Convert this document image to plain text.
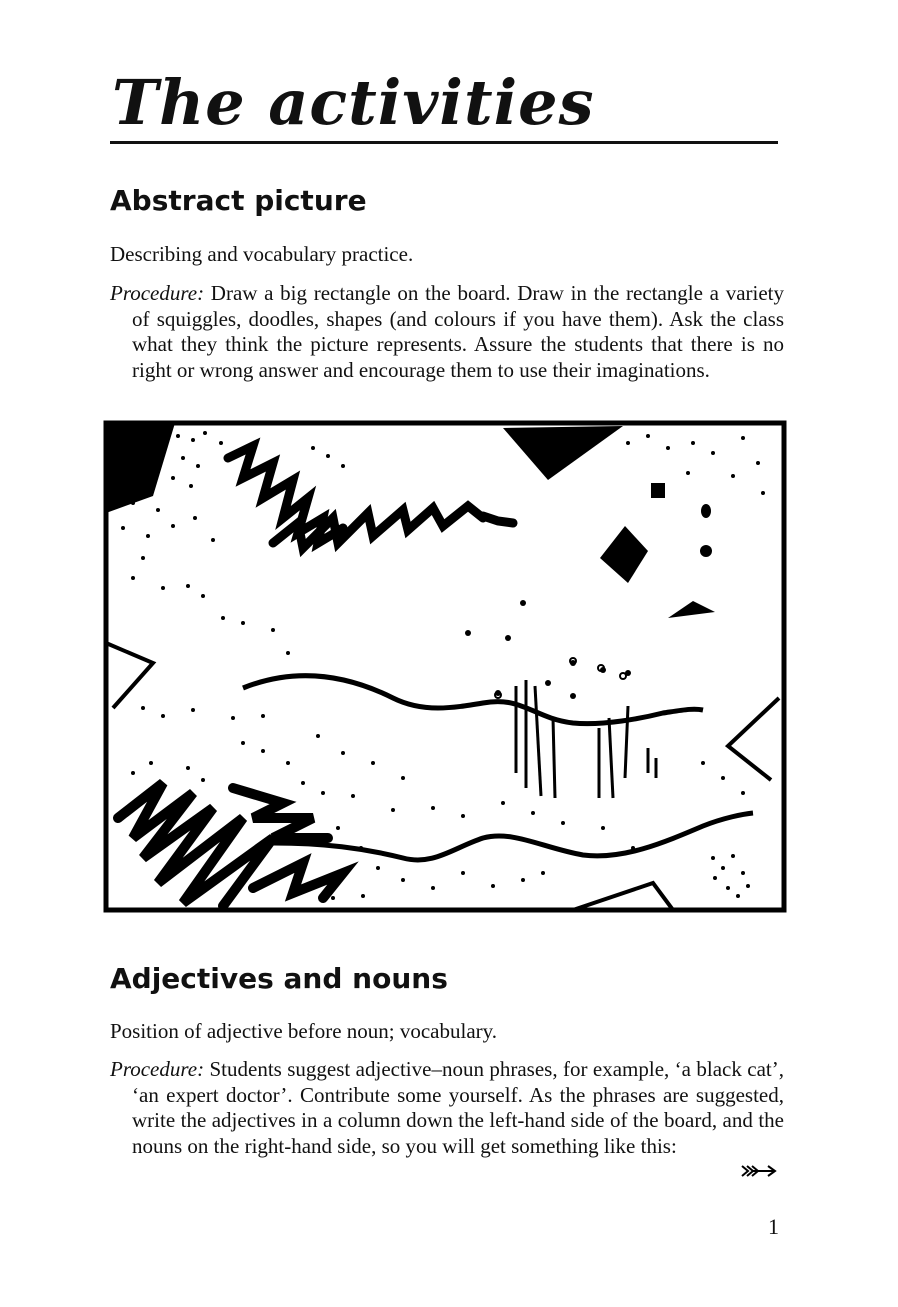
The activities
Abstract picture

Describing and vocabulary practice.

Procedure: Draw a big rectangle on the board. Draw in the rectangle a variety of squiggles, doodles, shapes (and colours if you have them). Ask the class what they think the picture represents. Assure the students that there is no right or wrong answer and encourage them to use their imaginations.

Adjectives and nouns

Position of adjective before noun; vocabulary.

Procedure: Students suggest adjective–noun phrases, for example, ‘a black cat’, ‘an expert doctor’. Contribute some yourself. As the phrases are suggested, write the adjectives in a column down the left-hand side of the board, and the nouns on the right-hand side, so you will get something like this:

1
